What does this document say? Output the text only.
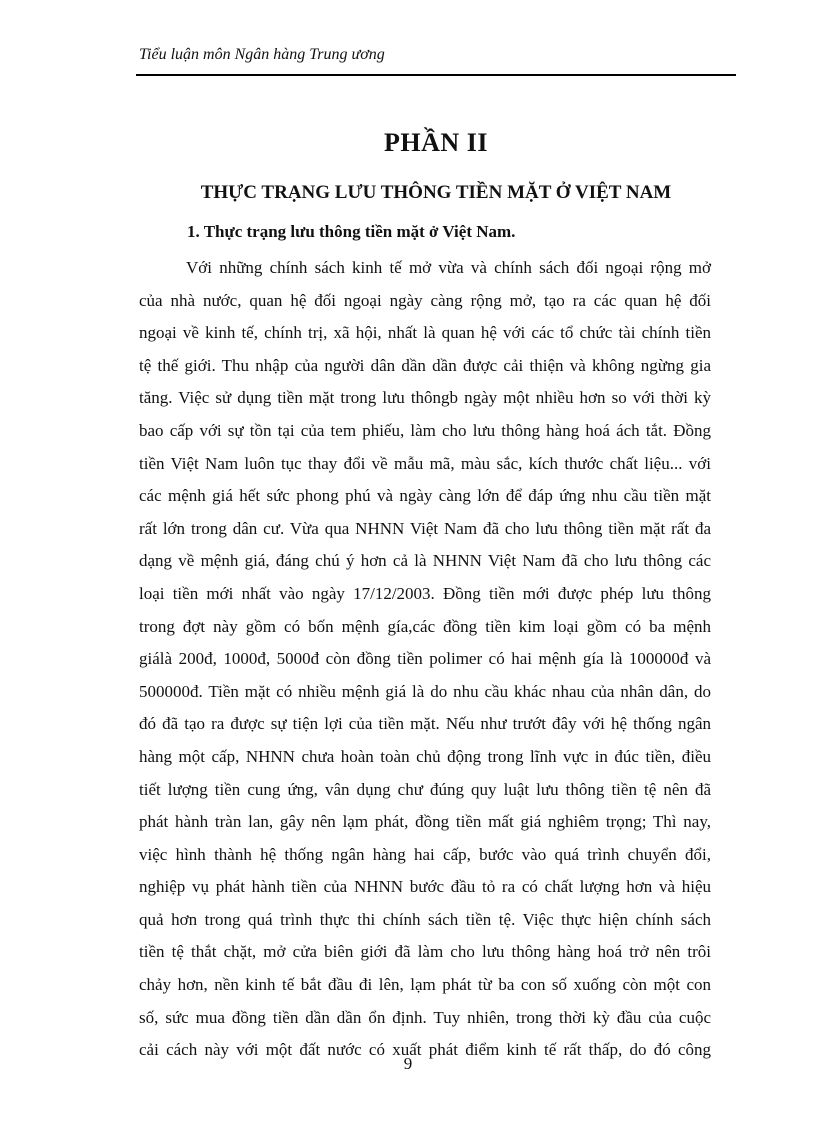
Tiểu luận môn Ngân hàng Trung ương
PHẦN II
THỰC TRẠNG LƯU THÔNG TIỀN MẶT Ở VIỆT NAM
1. Thực trạng lưu thông tiền mặt ở Việt Nam.
Với những chính sách kinh tế mở vừa và chính sách đối ngoại rộng mở
của nhà nước, quan hệ đối ngoại ngày càng rộng mở, tạo ra các quan hệ đối
ngoại về kinh tế, chính trị, xã hội, nhất là quan hệ với các tổ chức tài chính tiền
tệ thế giới. Thu nhập của người dân dần dần được cải thiện và không ngừng gia
tăng. Việc sử dụng tiền mặt trong lưu thôngb ngày một nhiều hơn so với thời kỳ
bao cấp với sự tồn tại của tem phiếu, làm cho lưu thông hàng hoá ách tắt. Đồng
tiền Việt Nam luôn tục thay đổi về mẫu mã, màu sắc, kích thước chất liệu... với
các mệnh giá hết sức phong phú và ngày càng lớn để đáp ứng nhu cầu tiền mặt
rất lớn trong dân cư. Vừa qua NHNN Việt Nam đã cho lưu thông tiền mặt rất đa
dạng về mệnh giá, đáng chú ý hơn cả là NHNN Việt Nam đã cho lưu thông các
loại tiền mới nhất vào ngày 17/12/2003. Đồng tiền mới được phép lưu thông
trong đợt này gồm có bốn mệnh gía,các đồng tiền kim loại gồm có ba mệnh
giálà 200đ, 1000đ, 5000đ còn đồng tiền polimer có hai mệnh gía là 100000đ và
500000đ. Tiền mặt có nhiều mệnh giá là do nhu cầu khác nhau của nhân dân, do
đó đã tạo ra được sự tiện lợi của tiền mặt. Nếu như trướt đây với hệ thống ngân
hàng một cấp, NHNN chưa hoàn toàn chủ động trong lĩnh vực in đúc tiền, điều
tiết lượng tiền cung ứng, vân dụng chư đúng quy luật lưu thông tiền tệ nên đã
phát hành tràn lan, gây nên lạm phát, đồng tiền mất giá nghiêm trọng; Thì nay,
việc hình thành hệ thống ngân hàng hai cấp, bước vào quá trình chuyển đổi,
nghiệp vụ phát hành tiền của NHNN bước đầu tỏ ra có chất lượng hơn và hiệu
quả hơn trong quá trình thực thi chính sách tiền tệ. Việc thực hiện chính sách
tiền tệ thắt chặt, mở cửa biên giới đã làm cho lưu thông hàng hoá trở nên trôi
chảy hơn, nền kinh tế bắt đầu đi lên, lạm phát từ ba con số xuống còn một con
số, sức mua đồng tiền dần dần ổn định. Tuy nhiên, trong thời kỳ đầu của cuộc
cải cách này với một đất nước có xuất phát điểm kinh tế rất thấp, do đó công
9
